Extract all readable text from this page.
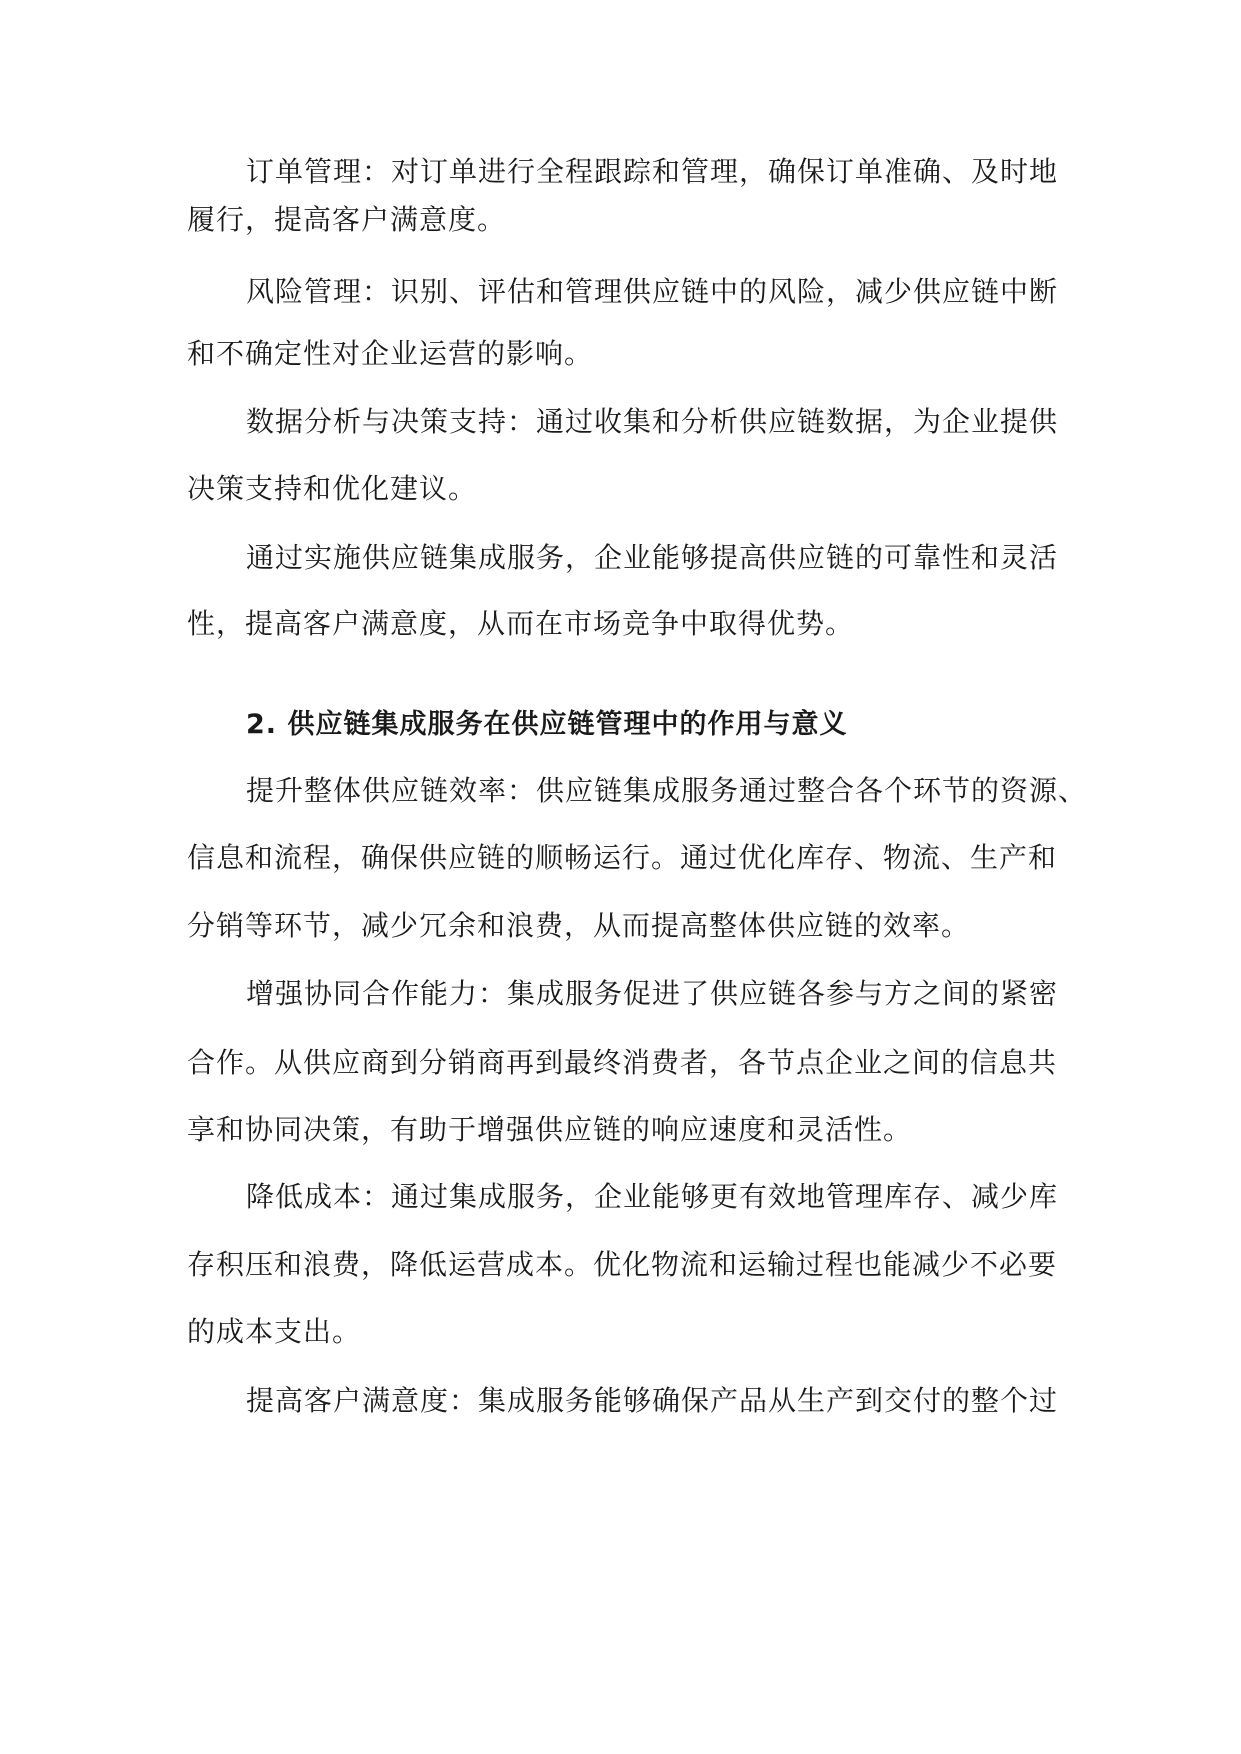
订单管理：对订单进行全程跟踪和管理，确保订单准确、及时地
履行，提高客户满意度。
风险管理：识别、评估和管理供应链中的风险，减少供应链中断
和不确定性对企业运营的影响。
数据分析与决策支持：通过收集和分析供应链数据，为企业提供
决策支持和优化建议。
通过实施供应链集成服务，企业能够提高供应链的可靠性和灵活
性，提高客户满意度，从而在市场竞争中取得优势。
2. 供应链集成服务在供应链管理中的作用与意义
提升整体供应链效率：供应链集成服务通过整合各个环节的资源、
信息和流程，确保供应链的顺畅运行。通过优化库存、物流、生产和
分销等环节，减少冗余和浪费，从而提高整体供应链的效率。
增强协同合作能力：集成服务促进了供应链各参与方之间的紧密
合作。从供应商到分销商再到最终消费者，各节点企业之间的信息共
享和协同决策，有助于增强供应链的响应速度和灵活性。
降低成本：通过集成服务，企业能够更有效地管理库存、减少库
存积压和浪费，降低运营成本。优化物流和运输过程也能减少不必要
的成本支出。
提高客户满意度：集成服务能够确保产品从生产到交付的整个过
